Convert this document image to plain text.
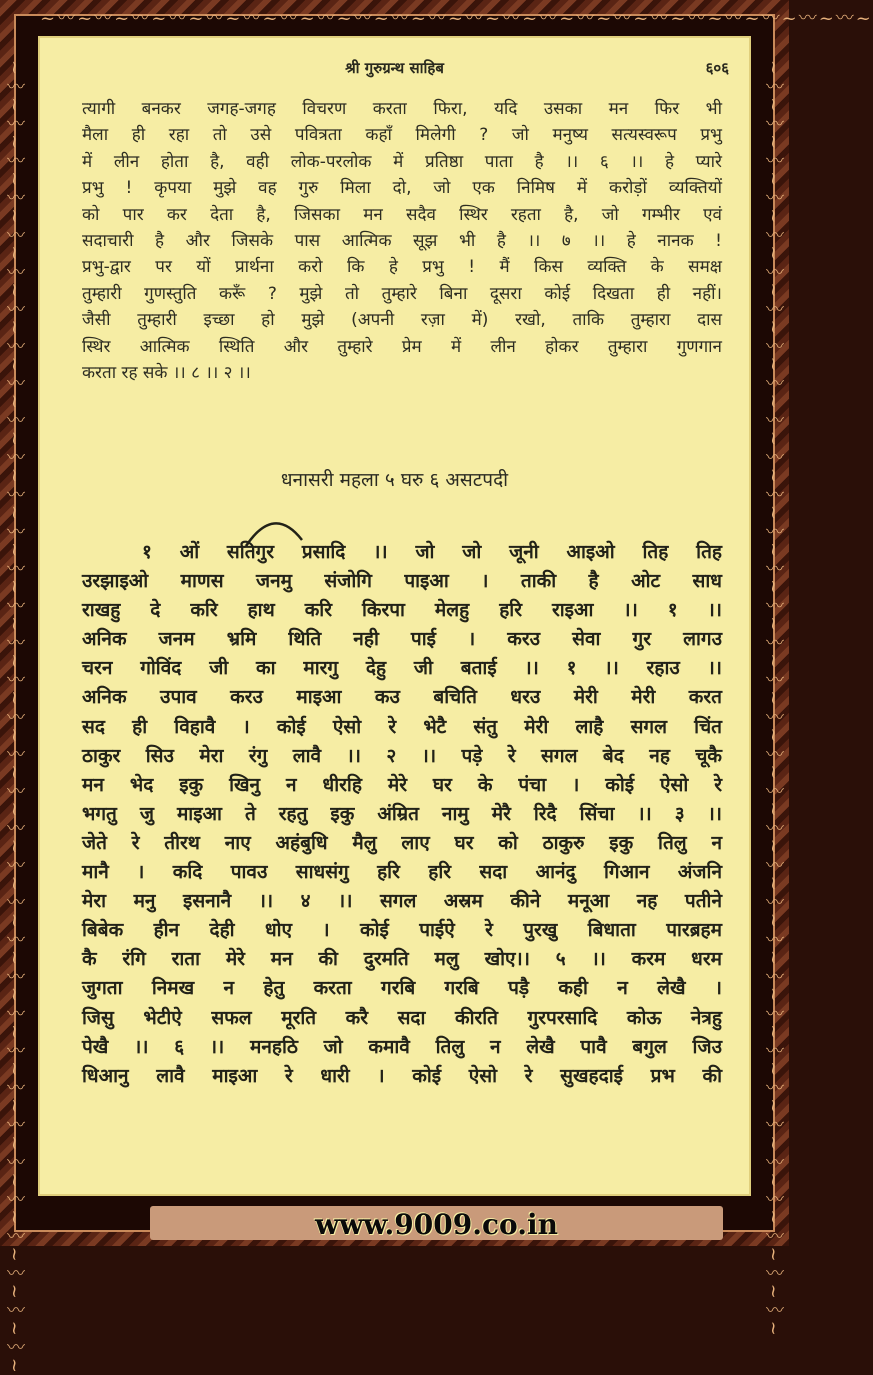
~〰~〰~〰~〰~〰~〰~〰~〰~〰~〰~〰~〰~〰~〰~〰~〰~〰~〰~〰~〰~〰~〰~
~〰~〰~〰~〰~〰~〰~〰~〰~〰~〰~〰~〰~〰~〰~〰~〰~〰~〰~〰~〰~〰~〰~〰~〰~〰~〰~〰~〰~〰~〰~〰~〰~〰~〰~〰~	~〰~〰~〰~〰~〰~〰~〰~〰~〰~〰~〰~〰~〰~〰~〰~〰~〰~〰~〰~〰~〰~〰~〰~〰~〰~〰~〰~〰~〰~〰~〰~〰~〰~〰~
श्री गुरुग्रन्थ साहिब	६०६
त्यागी बनकर जगह-जगह विचरण करता फिरा, यदि उसका मन फिर भी
मैला ही रहा तो उसे पवित्रता कहाँ मिलेगी ? जो मनुष्य सत्यस्वरूप प्रभु
में लीन होता है, वही लोक-परलोक में प्रतिष्ठा पाता है ।। ६ ।। हे प्यारे
प्रभु ! कृपया मुझे वह गुरु मिला दो, जो एक निमिष में करोड़ों व्यक्तियों
को पार कर देता है, जिसका मन सदैव स्थिर रहता है, जो गम्भीर एवं
सदाचारी है और जिसके पास आत्मिक सूझ भी है ।। ७ ।। हे नानक !
प्रभु-द्वार पर यों प्रार्थना करो कि हे प्रभु ! मैं किस व्यक्ति के समक्ष
तुम्हारी गुणस्तुति करूँ ? मुझे तो तुम्हारे बिना दूसरा कोई दिखता ही नहीं।
जैसी तुम्हारी इच्छा हो मुझे (अपनी रज़ा में) रखो, ताकि तुम्हारा दास
स्थिर आत्मिक स्थिति और तुम्हारे प्रेम में लीन होकर तुम्हारा गुणगान
करता रह सके ।। ८ ।। २ ।।
धनासरी महला ५ घरु ६ असटपदी
१ ओं सतिगुर प्रसादि ।। जो जो जूनी आइओ तिह तिह
उरझाइओ माणस जनमु संजोगि पाइआ । ताकी है ओट साध
राखहु दे करि हाथ करि किरपा मेलहु हरि राइआ ।। १ ।।
अनिक जनम भ्रमि थिति नही पाई । करउ सेवा गुर लागउ
चरन गोविंद जी का मारगु देहु जी बताई ।। १ ।। रहाउ ।।
अनिक उपाव करउ माइआ कउ बचिति धरउ मेरी मेरी करत
सद ही विहावै । कोई ऐसो रे भेटै संतु मेरी लाहै सगल चिंत
ठाकुर सिउ मेरा रंगु लावै ।। २ ।। पड़े रे सगल बेद नह चूकै
मन भेद इकु खिनु न धीरहि मेरे घर के पंचा । कोई ऐसो रे
भगतु जु माइआ ते रहतु इकु अंम्रित नामु मेरै रिदै सिंचा ।। ३ ।।
जेते रे तीरथ नाए अहंबुधि मैलु लाए घर को ठाकुरु इकु तिलु न
मानै । कदि पावउ साधसंगु हरि हरि सदा आनंदु गिआन अंजनि
मेरा मनु इसनानै ।। ४ ।। सगल अस्रम कीने मनूआ नह पतीने
बिबेक हीन देही धोए । कोई पाईऐ रे पुरखु बिधाता पारब्रहम
कै रंगि राता मेरे मन की दुरमति मलु खोए।। ५ ।। करम धरम
जुगता निमख न हेतु करता गरबि गरबि पड़ै कही न लेखै ।
जिसु भेटीऐ सफल मूरति करै सदा कीरति गुरपरसादि कोऊ नेत्रहु
पेखै ।। ६ ।। मनहठि जो कमावै तिलु न लेखै पावै बगुल जिउ
धिआनु लावै माइआ रे धारी । कोई ऐसो रे सुखहदाई प्रभ की
www.9009.co.in
